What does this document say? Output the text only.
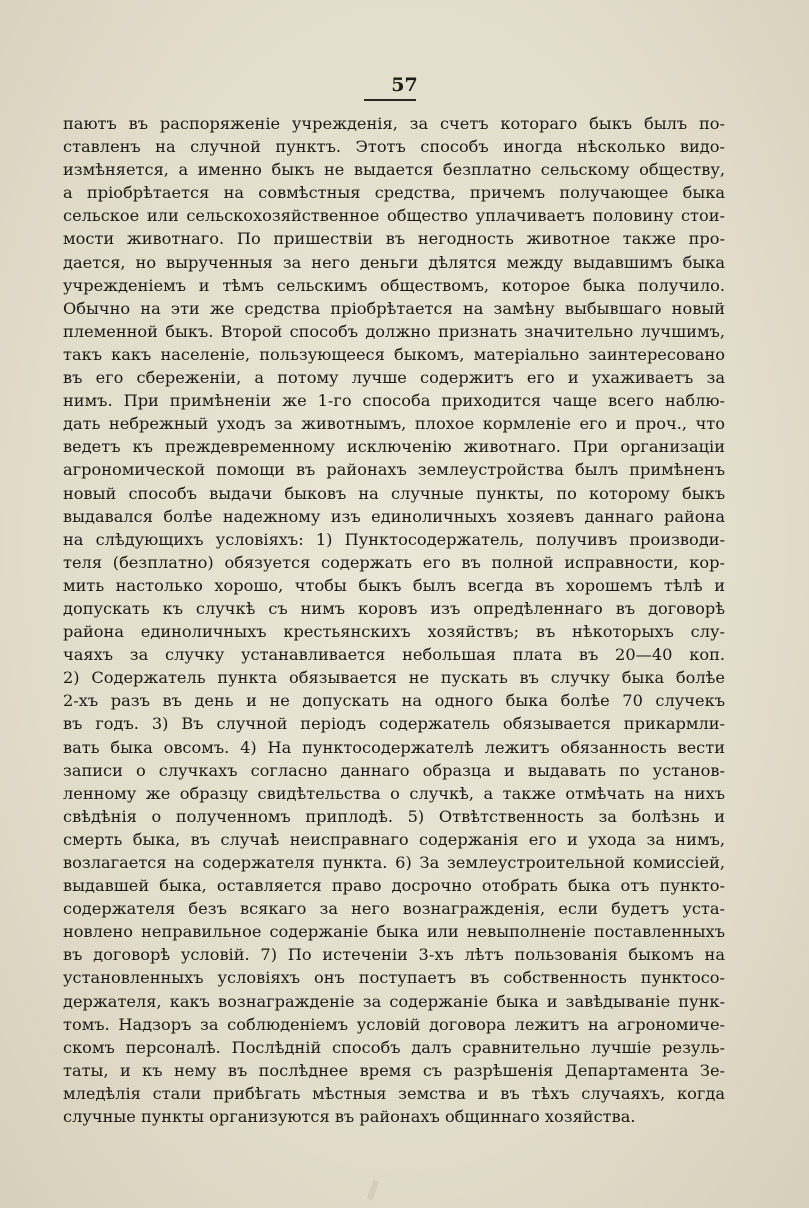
57
паютъ въ распоряженіе учрежденія, за счетъ котораго быкъ былъ по-
ставленъ на случной пунктъ. Этотъ способъ иногда нѣсколько видо-
измѣняется, а именно быкъ не выдается безплатно сельскому обществу,
а пріобрѣтается на совмѣстныя средства, причемъ получающее быка
сельское или сельскохозяйственное общество уплачиваетъ половину стои-
мости животнаго. По пришествіи въ негодность животное также про-
дается, но вырученныя за него деньги дѣлятся между выдавшимъ быка
учрежденіемъ и тѣмъ сельскимъ обществомъ, которое быка получило.
Обычно на эти же средства пріобрѣтается на замѣну выбывшаго новый
племенной быкъ. Второй способъ должно признать значительно лучшимъ,
такъ какъ населеніе, пользующееся быкомъ, матеріально заинтересовано
въ его сбереженіи, а потому лучше содержитъ его и ухаживаетъ за
нимъ. При примѣненіи же 1-го способа приходится чаще всего наблю-
дать небрежный уходъ за животнымъ, плохое кормленіе его и проч., что
ведетъ къ преждевременному исключенію животнаго. При организаціи
агрономической помощи въ районахъ землеустройства былъ примѣненъ
новый способъ выдачи быковъ на случные пункты, по которому быкъ
выдавался болѣе надежному изъ единоличныхъ хозяевъ даннаго района
на слѣдующихъ условіяхъ: 1) Пунктосодержатель, получивъ производи-
теля (безплатно) обязуется содержать его въ полной исправности, кор-
мить настолько хорошо, чтобы быкъ былъ всегда въ хорошемъ тѣлѣ и
допускать къ случкѣ съ нимъ коровъ изъ опредѣленнаго въ договорѣ
района единоличныхъ крестьянскихъ хозяйствъ; въ нѣкоторыхъ слу-
чаяхъ за случку устанавливается небольшая плата въ 20—40 коп.
2) Содержатель пункта обязывается не пускать въ случку быка болѣе
2-хъ разъ въ день и не допускать на одного быка болѣе 70 случекъ
въ годъ. 3) Въ случной періодъ содержатель обязывается прикармли-
вать быка овсомъ. 4) На пунктосодержателѣ лежитъ обязанность вести
записи о случкахъ согласно даннаго образца и выдавать по установ-
ленному же образцу свидѣтельства о случкѣ, а также отмѣчать на нихъ
свѣдѣнія о полученномъ приплодѣ. 5) Отвѣтственность за болѣзнь и
смерть быка, въ случаѣ неисправнаго содержанія его и ухода за нимъ,
возлагается на содержателя пункта. 6) За землеустроительной комиссіей,
выдавшей быка, оставляется право досрочно отобрать быка отъ пункто-
содержателя безъ всякаго за него вознагражденія, если будетъ уста-
новлено неправильное содержаніе быка или невыполненіе поставленныхъ
въ договорѣ условій. 7) По истеченіи 3-хъ лѣтъ пользованія быкомъ на
установленныхъ условіяхъ онъ поступаетъ въ собственность пунктосо-
держателя, какъ вознагражденіе за содержаніе быка и завѣдываніе пунк-
томъ. Надзоръ за соблюденіемъ условій договора лежитъ на агрономиче-
скомъ персоналѣ. Послѣдній способъ далъ сравнительно лучшіе резуль-
таты, и къ нему въ послѣднее время съ разрѣшенія Департамента Зе-
мледѣлія стали прибѣгать мѣстныя земства и въ тѣхъ случаяхъ, когда
случные пункты организуются въ районахъ общиннаго хозяйства.
